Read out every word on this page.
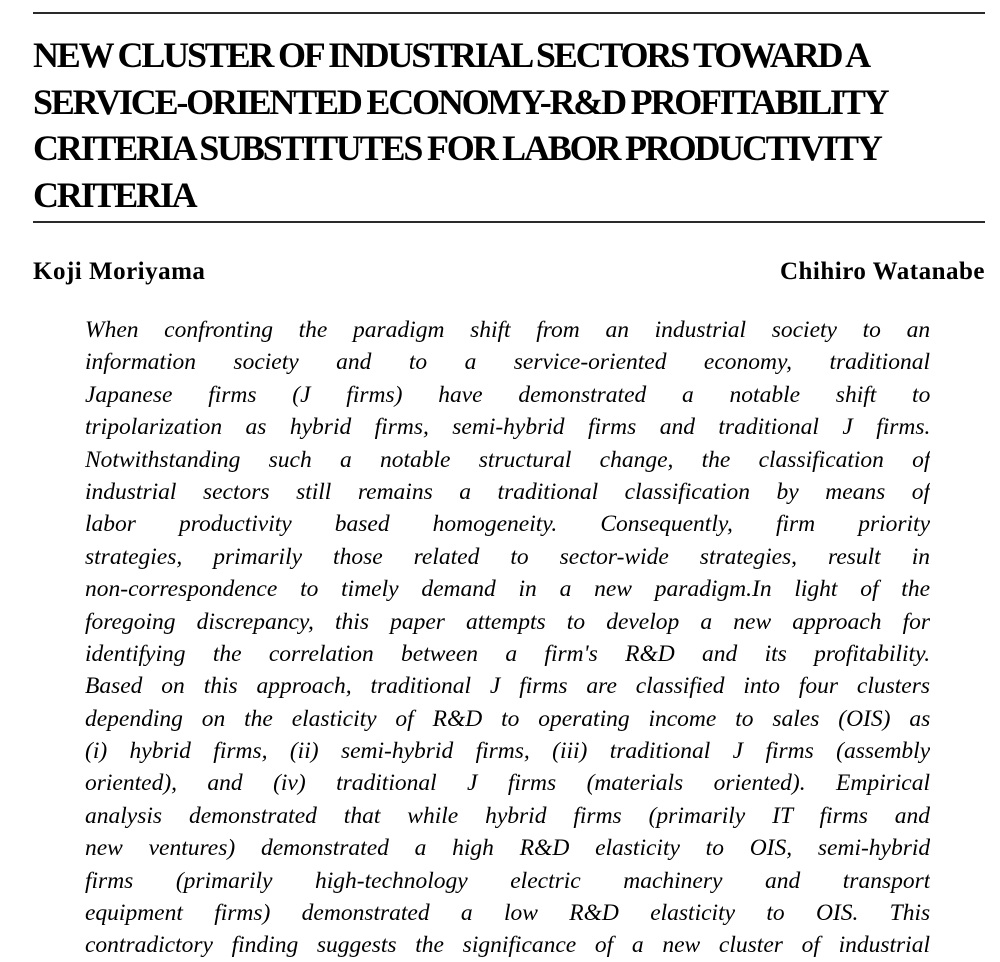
NEW CLUSTER OF INDUSTRIAL SECTORS TOWARD A
SERVICE-ORIENTED ECONOMY-R&D PROFITABILITY
CRITERIA SUBSTITUTES FOR LABOR PRODUCTIVITY
CRITERIA
Koji Moriyama	Chihiro Watanabe
When confronting the paradigm shift from an industrial society to an
information society and to a service-oriented economy, traditional
Japanese firms (J firms) have demonstrated a notable shift to
tripolarization as hybrid firms, semi-hybrid firms and traditional J firms.
Notwithstanding such a notable structural change, the classification of
industrial sectors still remains a traditional classification by means of
labor productivity based homogeneity. Consequently, firm priority
strategies, primarily those related to sector-wide strategies, result in
non-correspondence to timely demand in a new paradigm.In light of the
foregoing discrepancy, this paper attempts to develop a new approach for
identifying the correlation between a firm's R&D and its profitability.
Based on this approach, traditional J firms are classified into four clusters
depending on the elasticity of R&D to operating income to sales (OIS) as
(i) hybrid firms, (ii) semi-hybrid firms, (iii) traditional J firms (assembly
oriented), and (iv) traditional J firms (materials oriented). Empirical
analysis demonstrated that while hybrid firms (primarily IT firms and
new ventures) demonstrated a high R&D elasticity to OIS, semi-hybrid
firms (primarily high-technology electric machinery and transport
equipment firms) demonstrated a low R&D elasticity to OIS. This
contradictory finding suggests the significance of a new cluster of industrial
